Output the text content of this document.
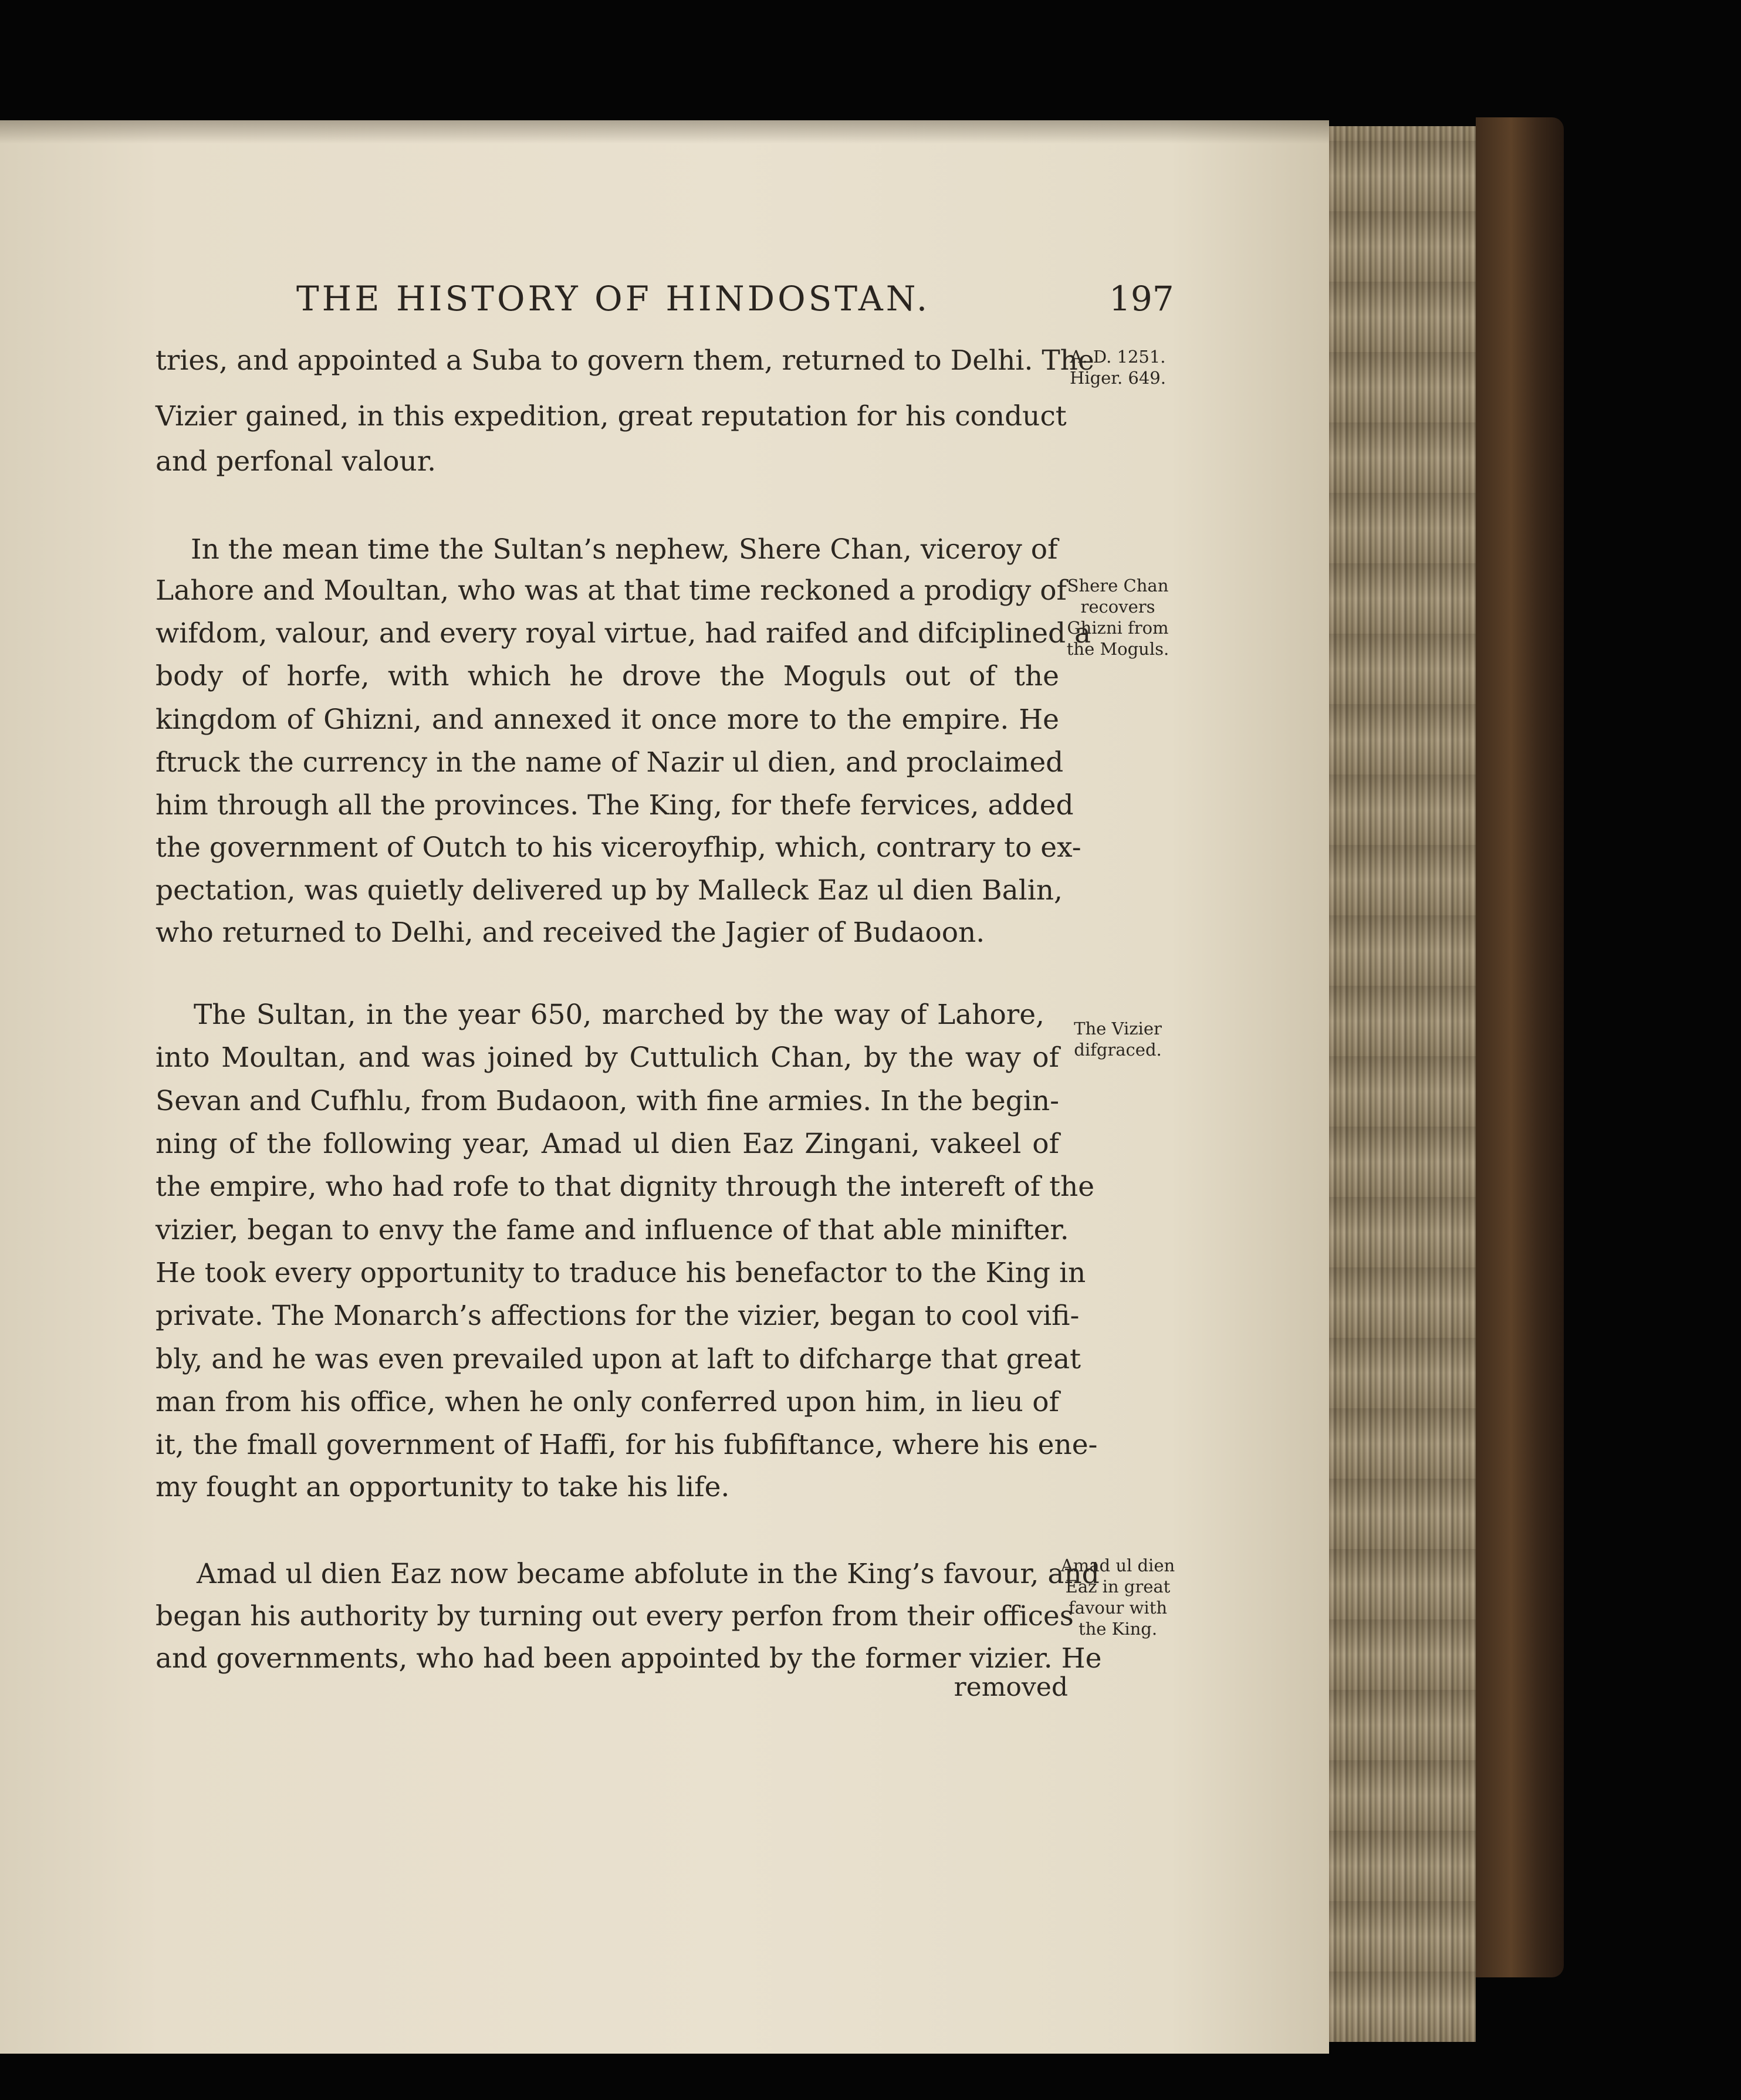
THE HISTORY OF HINDOSTAN.	197
tries, and appointed a Suba to govern them, returned to Delhi. The
Vizier gained, in this expedition, great reputation for his conduct
and perfonal valour.
In the mean time the Sultan’s nephew, Shere Chan, viceroy of
Lahore and Moultan, who was at that time reckoned a prodigy of
wifdom, valour, and every royal virtue, had raifed and difciplined a
body of horfe, with which he drove the Moguls out of the
kingdom of Ghizni, and annexed it once more to the empire. He
ftruck the currency in the name of Nazir ul dien, and proclaimed
him through all the provinces. The King, for thefe fervices, added
the government of Outch to his viceroyfhip, which, contrary to ex-
pectation, was quietly delivered up by Malleck Eaz ul dien Balin,
who returned to Delhi, and received the Jagier of Budaoon.
The Sultan, in the year 650, marched by the way of Lahore,
into Moultan, and was joined by Cuttulich Chan, by the way of
Sevan and Cufhlu, from Budaoon, with fine armies. In the begin-
ning of the following year, Amad ul dien Eaz Zingani, vakeel of
the empire, who had rofe to that dignity through the intereft of the
vizier, began to envy the fame and influence of that able minifter.
He took every opportunity to traduce his benefactor to the King in
private. The Monarch’s affections for the vizier, began to cool vifi-
bly, and he was even prevailed upon at laft to difcharge that great
man from his office, when he only conferred upon him, in lieu of
it, the fmall government of Haffi, for his fubfiftance, where his ene-
my fought an opportunity to take his life.
Amad ul dien Eaz now became abfolute in the King’s favour, and
began his authority by turning out every perfon from their offices
and governments, who had been appointed by the former vizier. He
removed
A. D. 1251.
Higer. 649.
Shere Chan
recovers
Ghizni from
the Moguls.
The Vizier
difgraced.
Amad ul dien
Eaz in great
favour with
the King.
